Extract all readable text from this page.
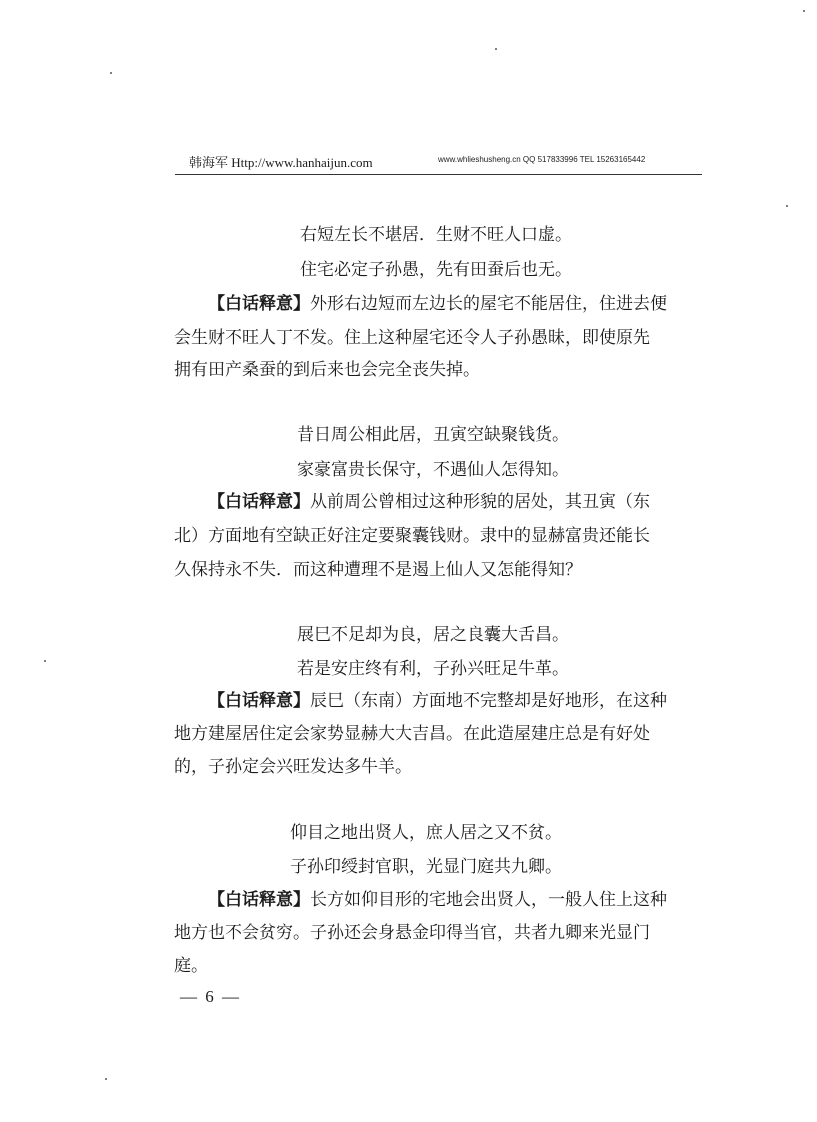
韩海军 Http://www.hanhaijun.com	www.whlieshusheng.cn QQ 517833996 TEL 15263165442
右短左长不堪居．生财不旺人口虚。
住宅必定子孙愚，先有田蚕后也无。
【白话释意】外形右边短而左边长的屋宅不能居住，住进去便
会生财不旺人丁不发。住上这种屋宅还令人子孙愚昧，即使原先
拥有田产桑蚕的到后来也会完全丧失掉。
昔日周公相此居，丑寅空缺聚钱货。
家豪富贵长保守，不遇仙人怎得知。
【白话释意】从前周公曾相过这种形貌的居处，其丑寅（东
北）方面地有空缺正好注定要聚囊钱财。隶中的显赫富贵还能长
久保持永不失．而这种遭理不是遏上仙人又怎能得知？
展巳不足却为良，居之良囊大舌昌。
若是安庄终有利，子孙兴旺足牛革。
【白话释意】辰巳（东南）方面地不完整却是好地形，在这种
地方建屋居住定会家势显赫大大吉昌。在此造屋建庄总是有好处
的，子孙定会兴旺发达多牛羊。
仰目之地出贤人，庶人居之又不贫。
子孙印绶封官职，光显门庭共九卿。
【白话释意】长方如仰目形的宅地会出贤人，一般人住上这种
地方也不会贫穷。子孙还会身悬金印得当官，共者九卿来光显门
庭。
— 6 —
